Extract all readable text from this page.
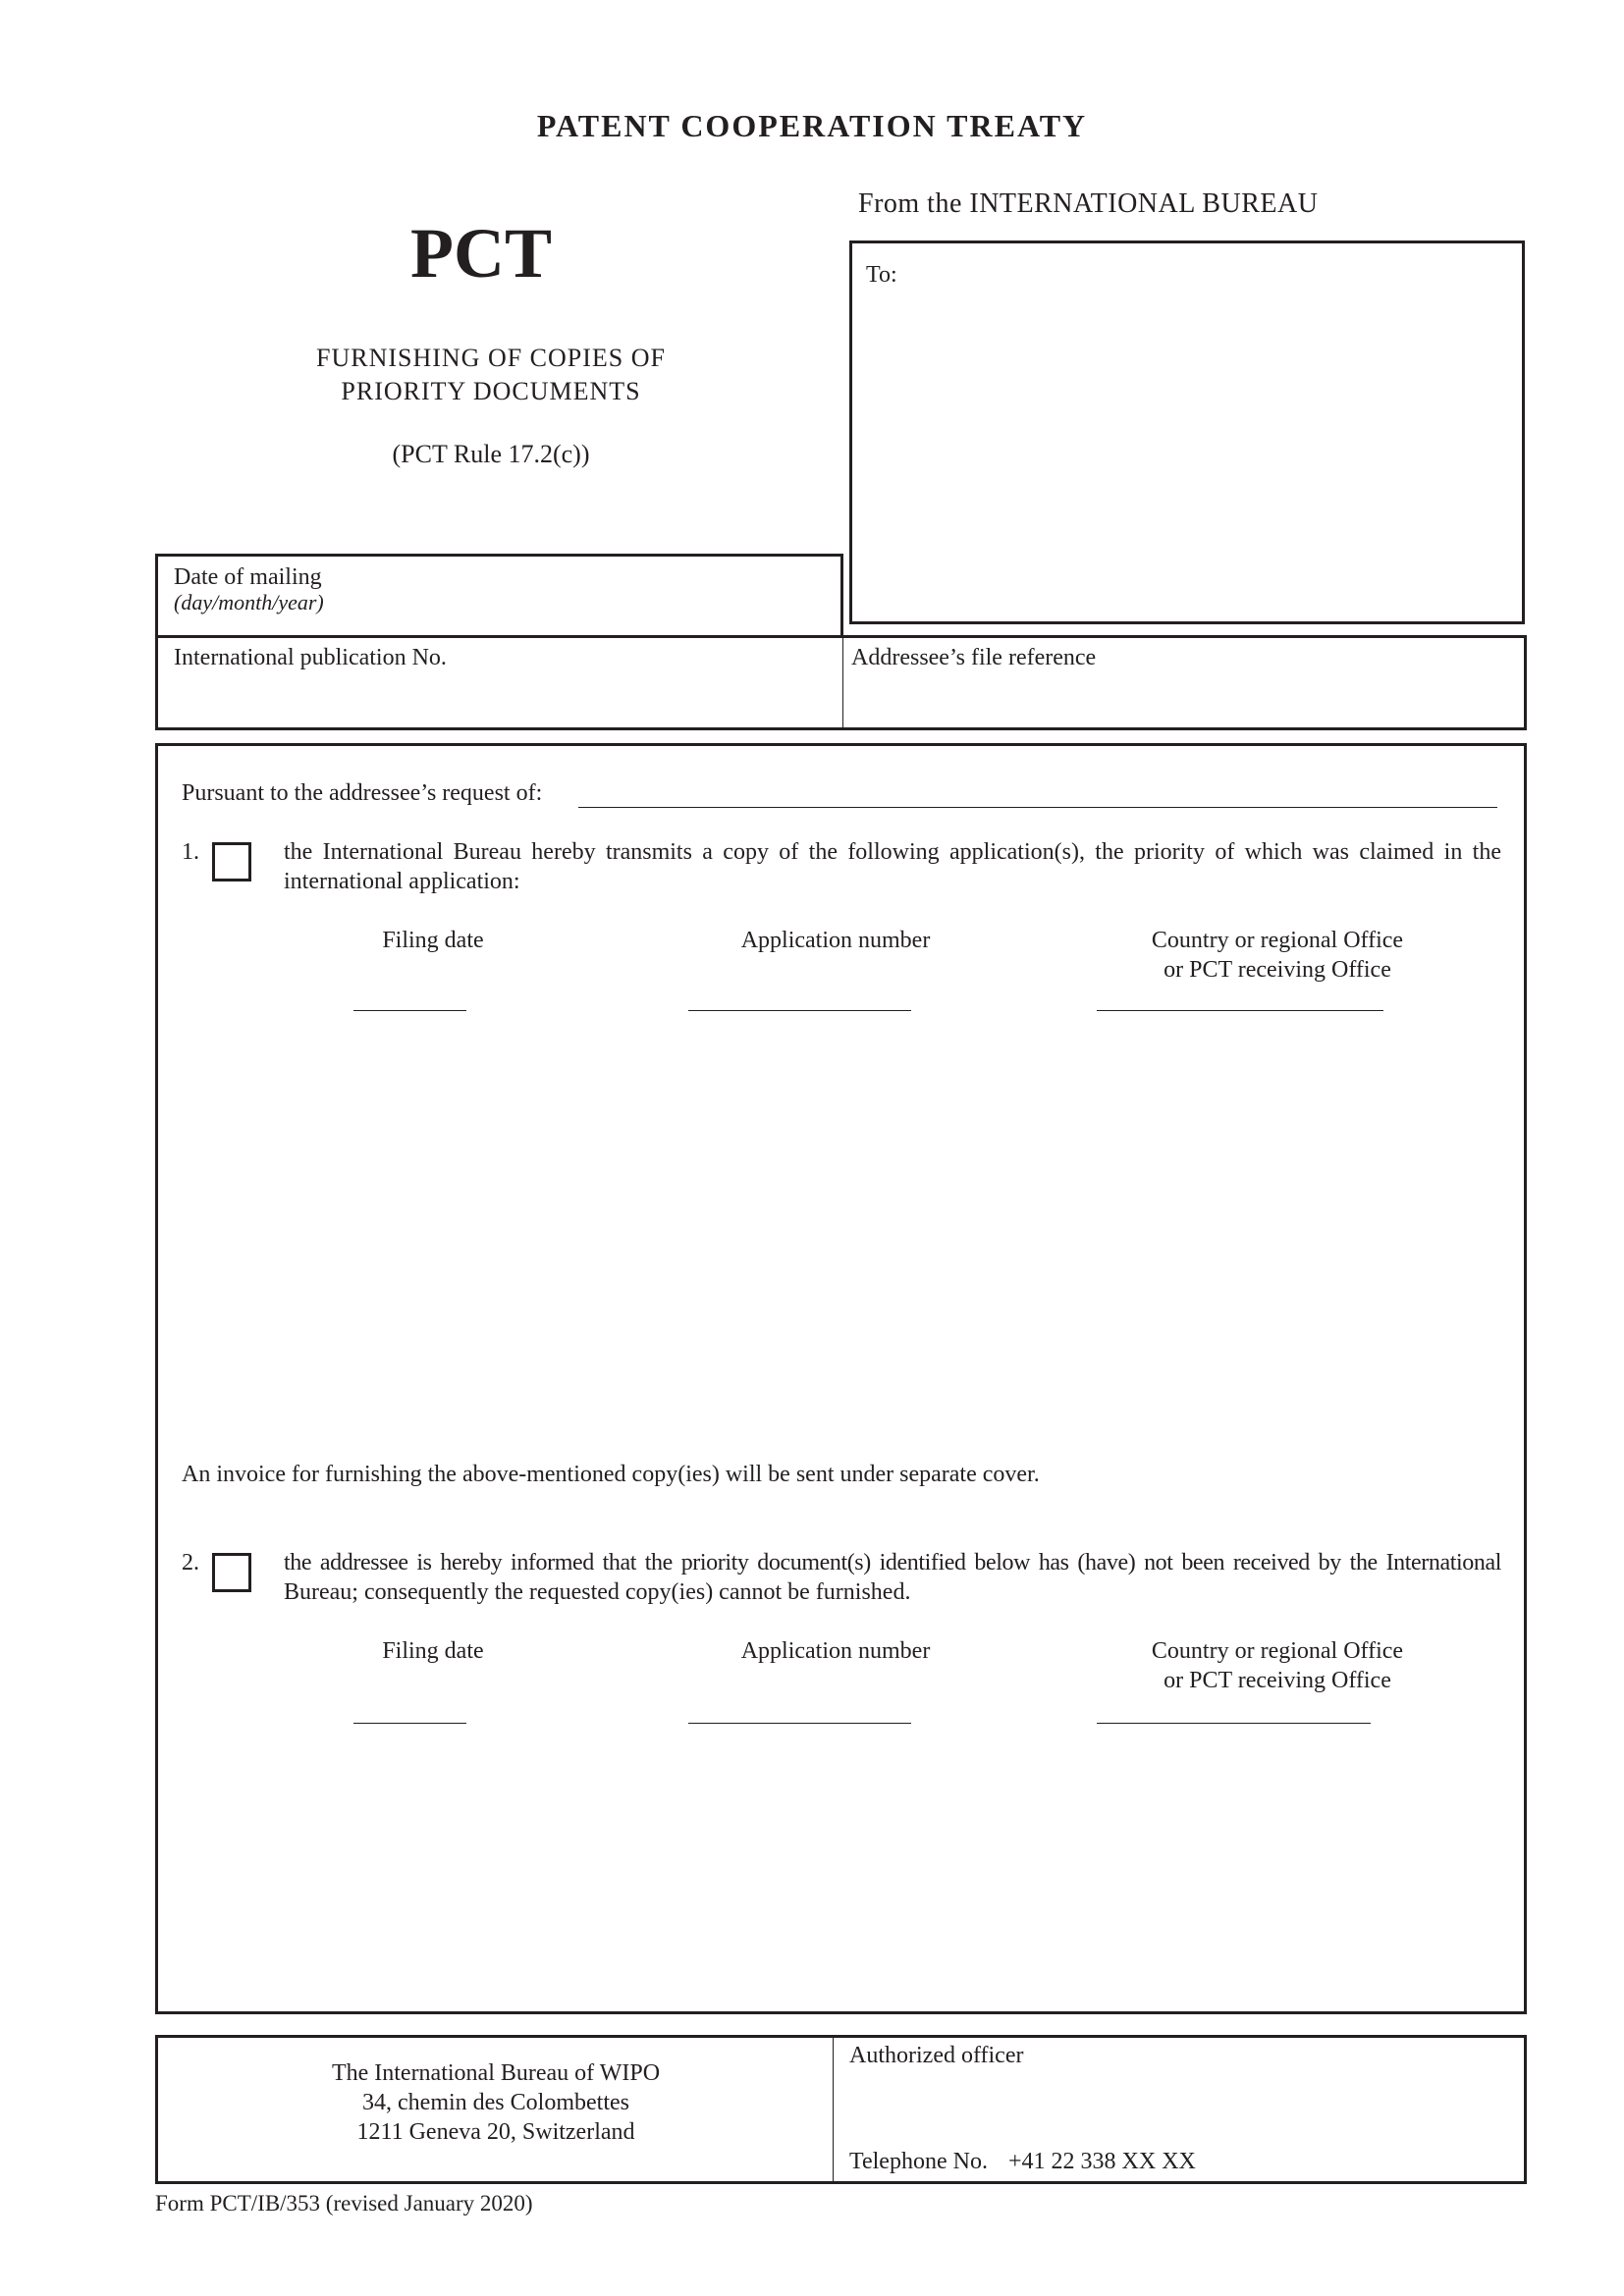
PATENT COOPERATION TREATY
PCT
FURNISHING OF COPIES OF
PRIORITY DOCUMENTS
(PCT Rule 17.2(c))
From the INTERNATIONAL BUREAU
To:
Date of mailing
(day/month/year)
International publication No.	Addressee’s file reference
Pursuant to the addressee’s request of:
1.	the International Bureau hereby transmits a copy of the following application(s), the priority of which was claimed in the
international application:
Filing date	Application number	Country or regional Office
or PCT receiving Office
An invoice for furnishing the above-mentioned copy(ies) will be sent under separate cover.
2.	the addressee is hereby informed that the priority document(s) identified below has (have) not been received by the International
Bureau; consequently the requested copy(ies) cannot be furnished.
Filing date	Application number	Country or regional Office
or PCT receiving Office
The International Bureau of WIPO
34, chemin des Colombettes
1211 Geneva 20, Switzerland
Authorized officer
Telephone No. +41 22 338 XX XX
Form PCT/IB/353 (revised January 2020)
